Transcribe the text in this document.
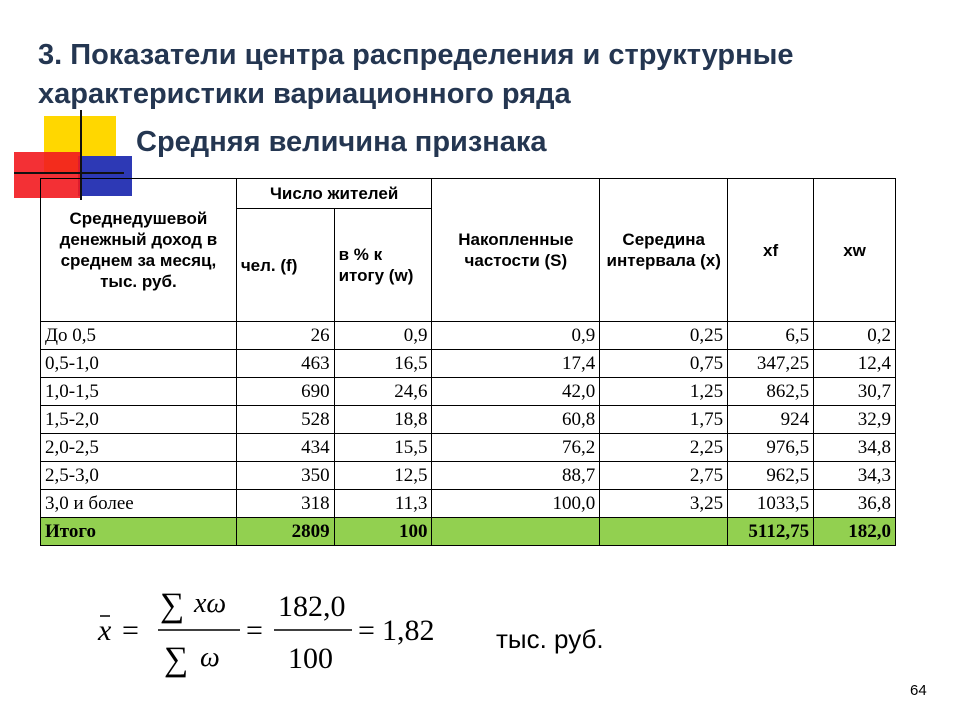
3. Показатели центра распределения и структурные
характеристики вариационного ряда
Средняя величина признака
Среднедушевой денежный доход в среднем за месяц, тыс. руб.	Число жителей		Накопленные частости (S)	Середина интервала (x)	xf	xw
	чел. (f)	в % к итогу (w)				
До 0,5	26	0,9	0,9	0,25	6,5	0,2
0,5-1,0	463	16,5	17,4	0,75	347,25	12,4
1,0-1,5	690	24,6	42,0	1,25	862,5	30,7
1,5-2,0	528	18,8	60,8	1,75	924	32,9
2,0-2,5	434	15,5	76,2	2,25	976,5	34,8
2,5-3,0	350	12,5	88,7	2,75	962,5	34,3
3,0 и более	318	11,3	100,0	3,25	1033,5	36,8
Итого	2809	100			5112,75	182,0
x =
∑ xω
∑ ω
=
182,0
100
= 1,82 тыс. руб.
64
